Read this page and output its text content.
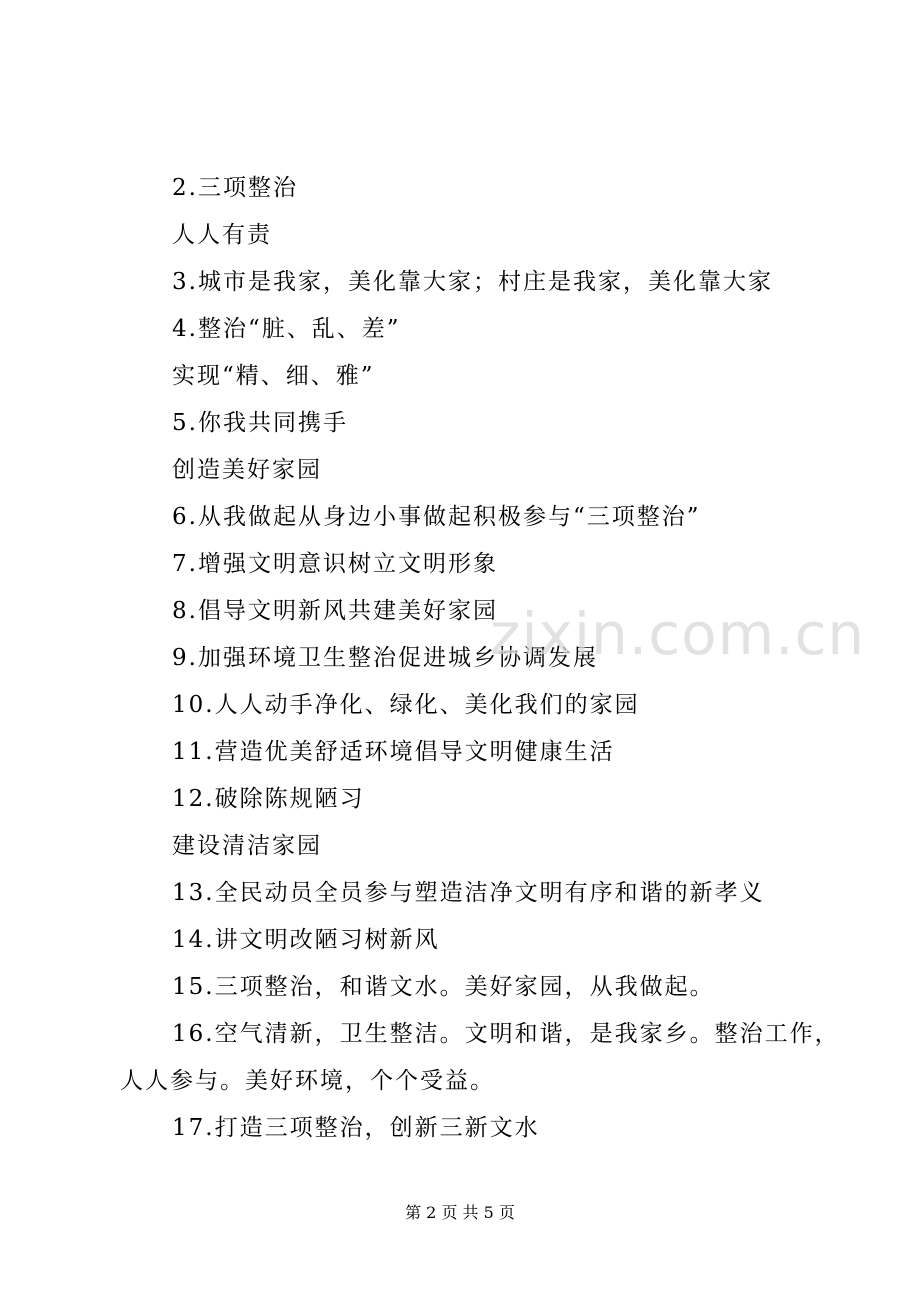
2.三项整治
人人有责
3.城市是我家，美化靠大家；村庄是我家，美化靠大家
4.整治“脏、乱、差”
实现“精、细、雅”
5.你我共同携手
创造美好家园
6.从我做起从身边小事做起积极参与“三项整治”
7.增强文明意识树立文明形象
8.倡导文明新风共建美好家园
9.加强环境卫生整治促进城乡协调发展
10.人人动手净化、绿化、美化我们的家园
11.营造优美舒适环境倡导文明健康生活
12.破除陈规陋习
建设清洁家园
13.全民动员全员参与塑造洁净文明有序和谐的新孝义
14.讲文明改陋习树新风
15.三项整治，和谐文水。美好家园，从我做起。
16.空气清新，卫生整洁。文明和谐，是我家乡。整治工作，
人人参与。美好环境，个个受益。
17.打造三项整治，创新三新文水
zixin.com.cn
第 2 页 共 5 页
